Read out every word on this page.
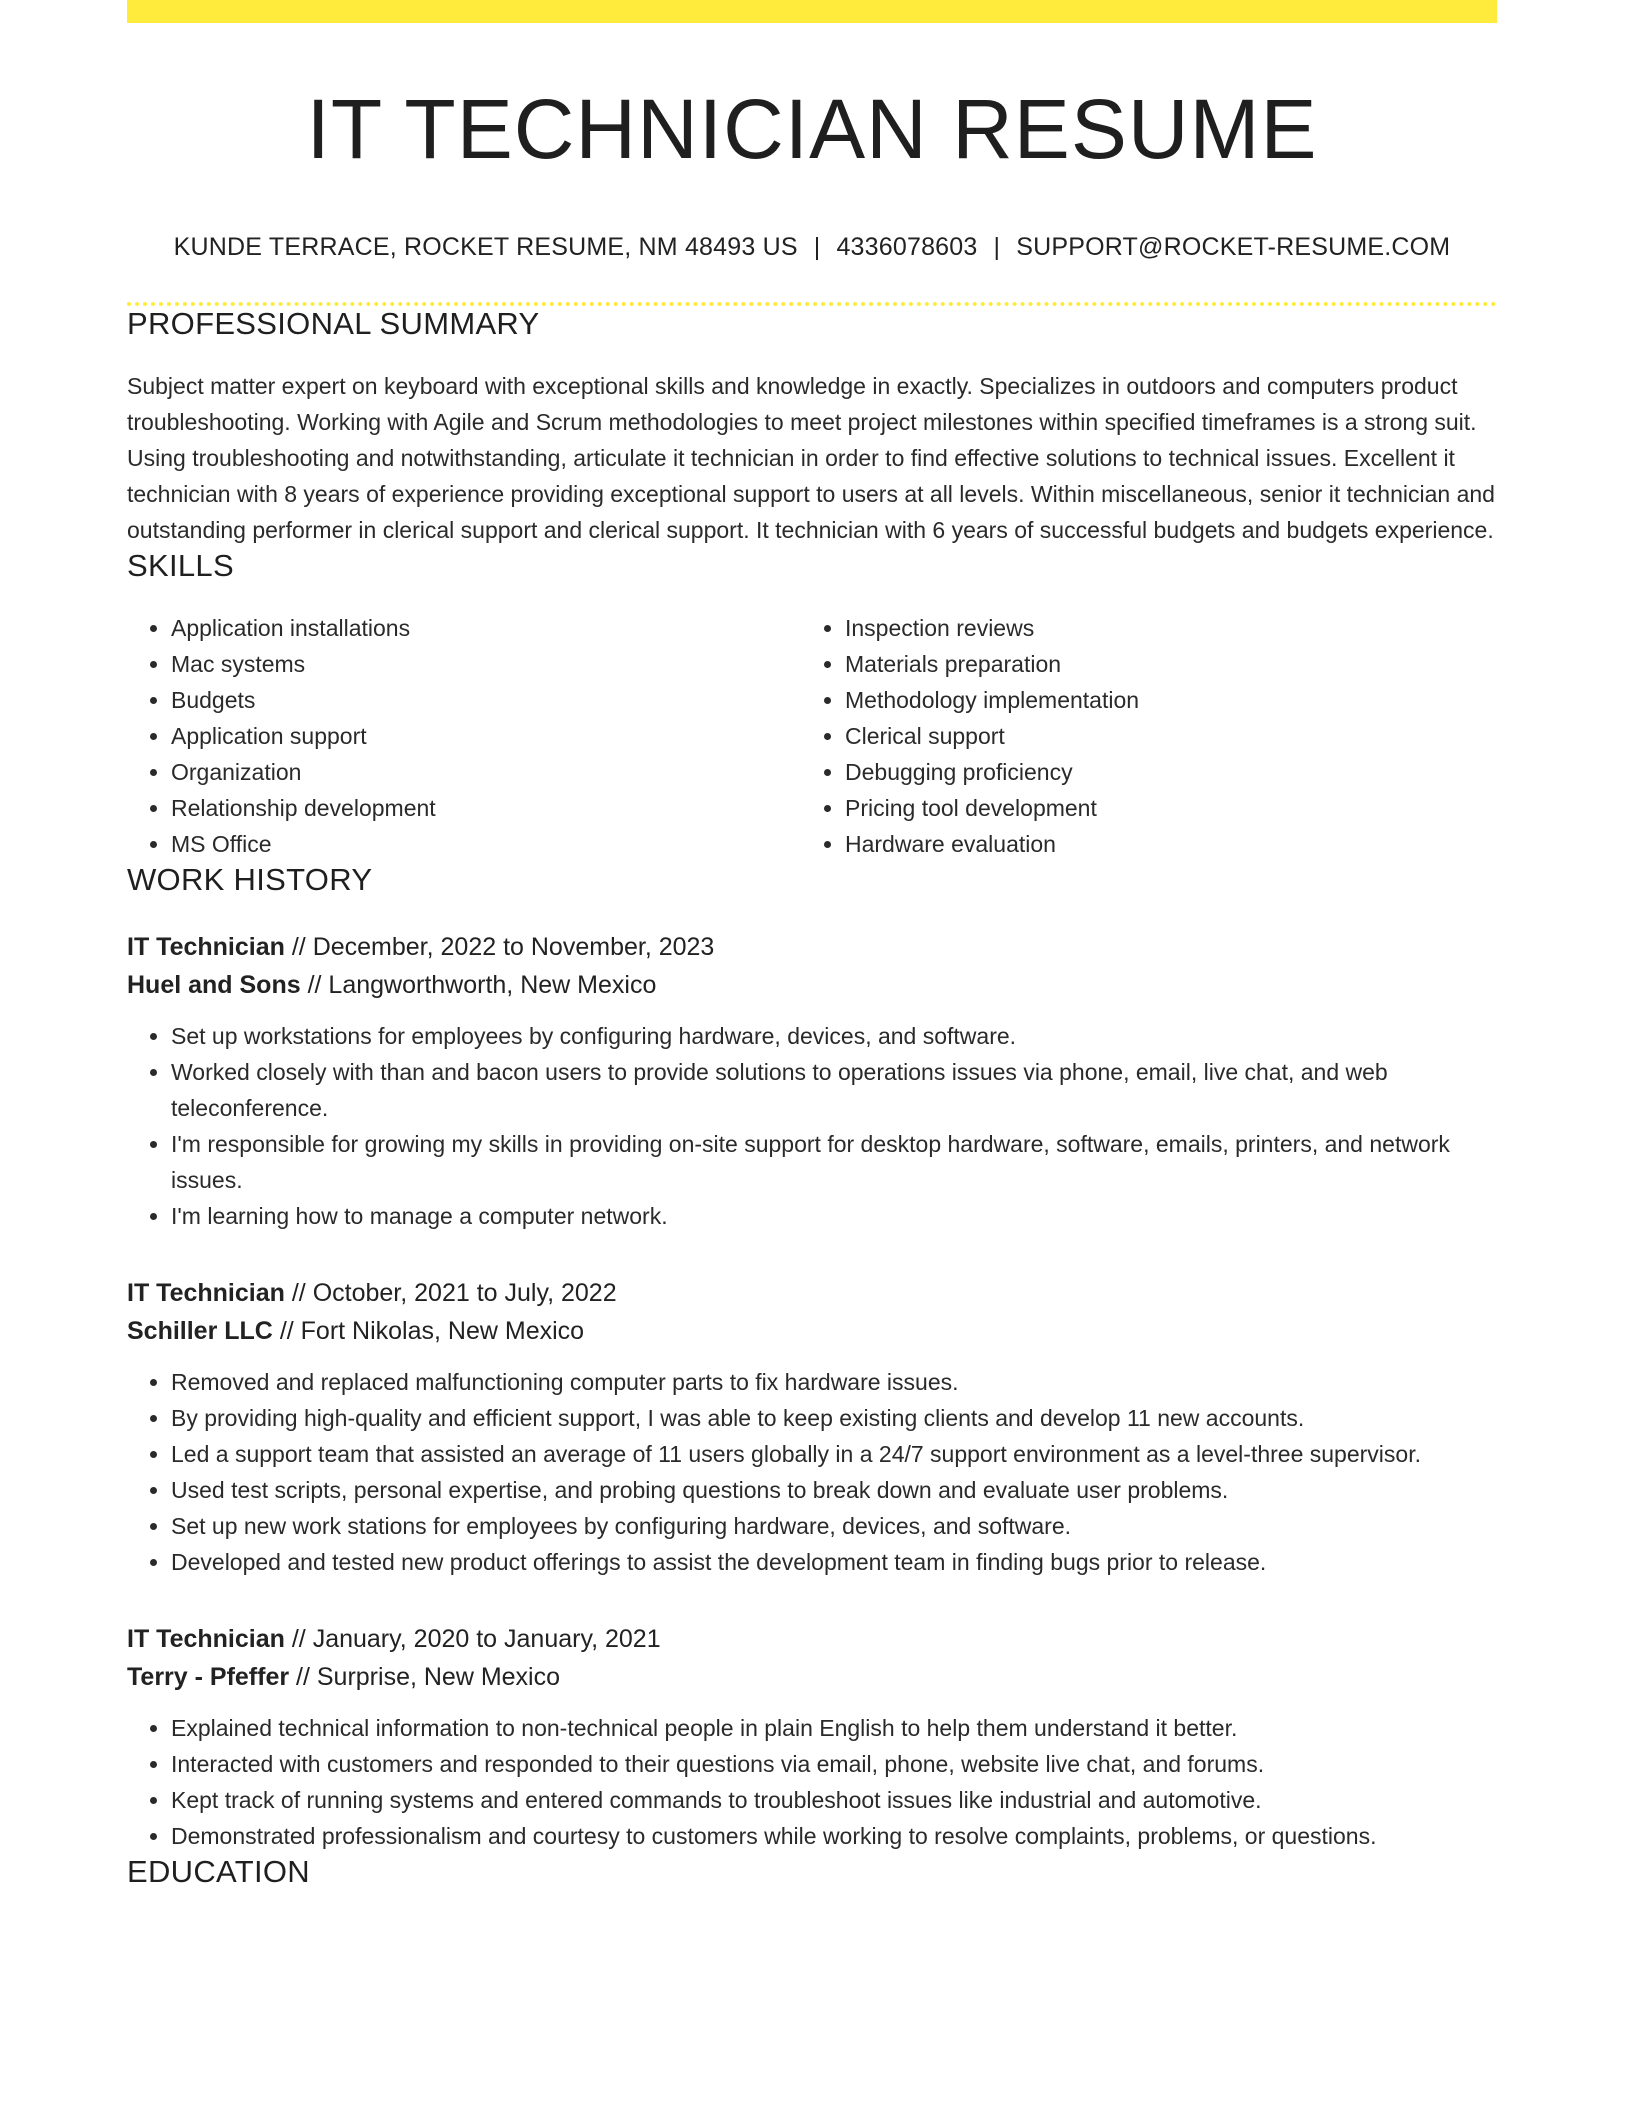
IT TECHNICIAN RESUME
KUNDE TERRACE, ROCKET RESUME, NM 48493 US | 4336078603 | SUPPORT@ROCKET-RESUME.COM
PROFESSIONAL SUMMARY

Subject matter expert on keyboard with exceptional skills and knowledge in exactly. Specializes in outdoors and computers product troubleshooting. Working with Agile and Scrum methodologies to meet project milestones within specified timeframes is a strong suit. Using troubleshooting and notwithstanding, articulate it technician in order to find effective solutions to technical issues. Excellent it technician with 8 years of experience providing exceptional support to users at all levels. Within miscellaneous, senior it technician and outstanding performer in clerical support and clerical support. It technician with 6 years of successful budgets and budgets experience.

SKILLS
• Application installations
• Mac systems
• Budgets
• Application support
• Organization
• Relationship development
• MS Office
• Inspection reviews
• Materials preparation
• Methodology implementation
• Clerical support
• Debugging proficiency
• Pricing tool development
• Hardware evaluation
WORK HISTORY
IT Technician // December, 2022 to November, 2023
Huel and Sons // Langworthworth, New Mexico
• Set up workstations for employees by configuring hardware, devices, and software.
• Worked closely with than and bacon users to provide solutions to operations issues via phone, email, live chat, and web teleconference.
• I'm responsible for growing my skills in providing on-site support for desktop hardware, software, emails, printers, and network issues.
• I'm learning how to manage a computer network.
IT Technician // October, 2021 to July, 2022
Schiller LLC // Fort Nikolas, New Mexico
• Removed and replaced malfunctioning computer parts to fix hardware issues.
• By providing high-quality and efficient support, I was able to keep existing clients and develop 11 new accounts.
• Led a support team that assisted an average of 11 users globally in a 24/7 support environment as a level-three supervisor.
• Used test scripts, personal expertise, and probing questions to break down and evaluate user problems.
• Set up new work stations for employees by configuring hardware, devices, and software.
• Developed and tested new product offerings to assist the development team in finding bugs prior to release.
IT Technician // January, 2020 to January, 2021
Terry - Pfeffer // Surprise, New Mexico
• Explained technical information to non-technical people in plain English to help them understand it better.
• Interacted with customers and responded to their questions via email, phone, website live chat, and forums.
• Kept track of running systems and entered commands to troubleshoot issues like industrial and automotive.
• Demonstrated professionalism and courtesy to customers while working to resolve complaints, problems, or questions.
EDUCATION
